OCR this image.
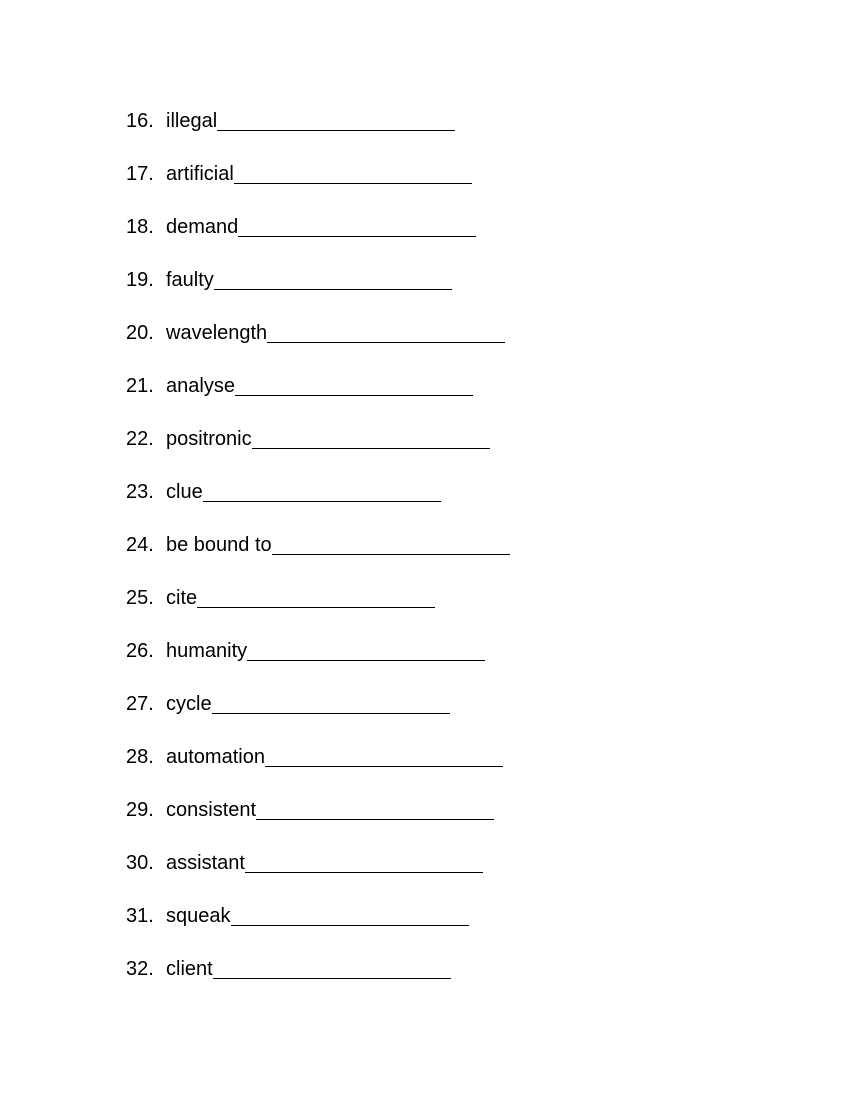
16. illegal
17. artificial
18. demand
19. faulty
20. wavelength
21. analyse
22. positronic
23. clue
24. be bound to
25. cite
26. humanity
27. cycle
28. automation
29. consistent
30. assistant
31. squeak
32. client
